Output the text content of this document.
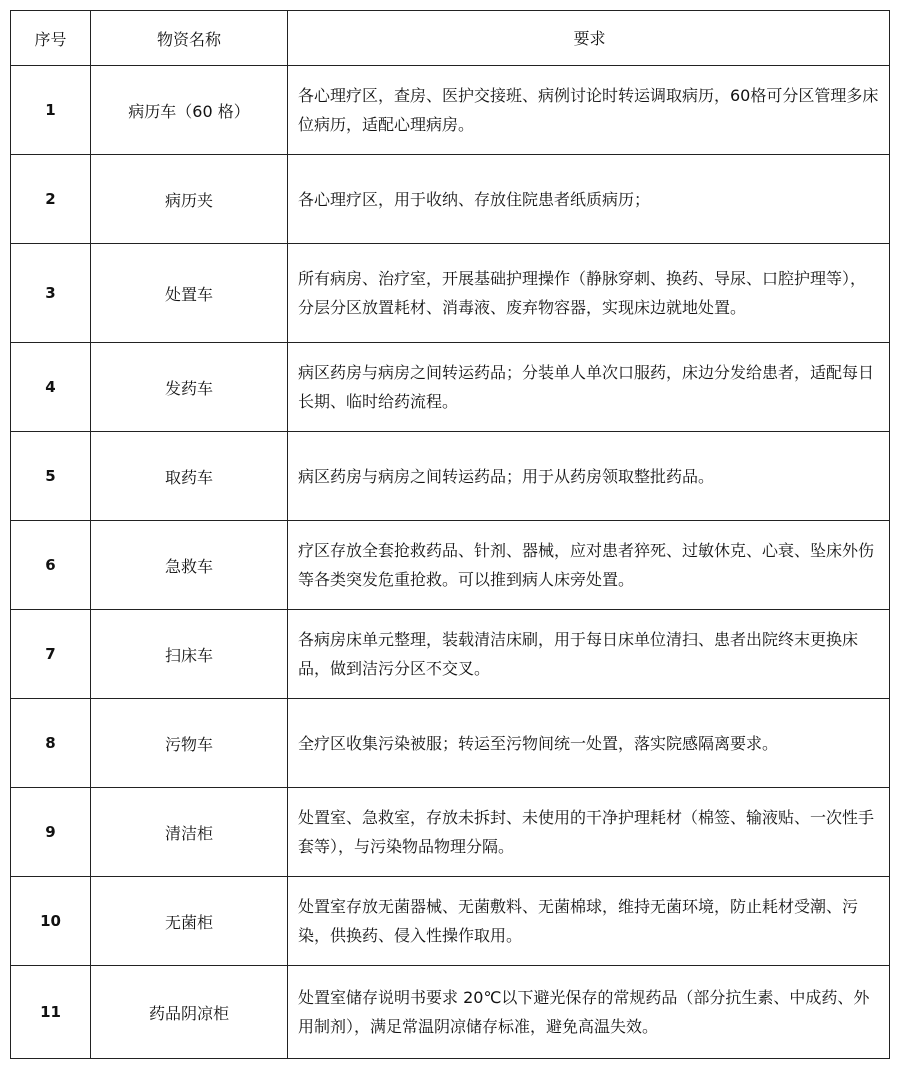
序号	物资名称	要求
1	病历车（60 格）	各心理疗区，查房、医护交接班、病例讨论时转运调取病历，60格可分区管理多床位病历，适配心理病房。
2	病历夹	各心理疗区，用于收纳、存放住院患者纸质病历；
3	处置车	所有病房、治疗室，开展基础护理操作（静脉穿刺、换药、导尿、口腔护理等），分层分区放置耗材、消毒液、废弃物容器，实现床边就地处置。
4	发药车	病区药房与病房之间转运药品；分装单人单次口服药，床边分发给患者，适配每日长期、临时给药流程。
5	取药车	病区药房与病房之间转运药品；用于从药房领取整批药品。
6	急救车	疗区存放全套抢救药品、针剂、器械，应对患者猝死、过敏休克、心衰、坠床外伤等各类突发危重抢救。可以推到病人床旁处置。
7	扫床车	各病房床单元整理，装载清洁床刷，用于每日床单位清扫、患者出院终末更换床品，做到洁污分区不交叉。
8	污物车	全疗区收集污染被服；转运至污物间统一处置，落实院感隔离要求。
9	清洁柜	处置室、急救室，存放未拆封、未使用的干净护理耗材（棉签、输液贴、一次性手套等），与污染物品物理分隔。
10	无菌柜	处置室存放无菌器械、无菌敷料、无菌棉球，维持无菌环境，防止耗材受潮、污染，供换药、侵入性操作取用。
11	药品阴凉柜	处置室储存说明书要求 20℃以下避光保存的常规药品（部分抗生素、中成药、外用制剂），满足常温阴凉储存标准，避免高温失效。
